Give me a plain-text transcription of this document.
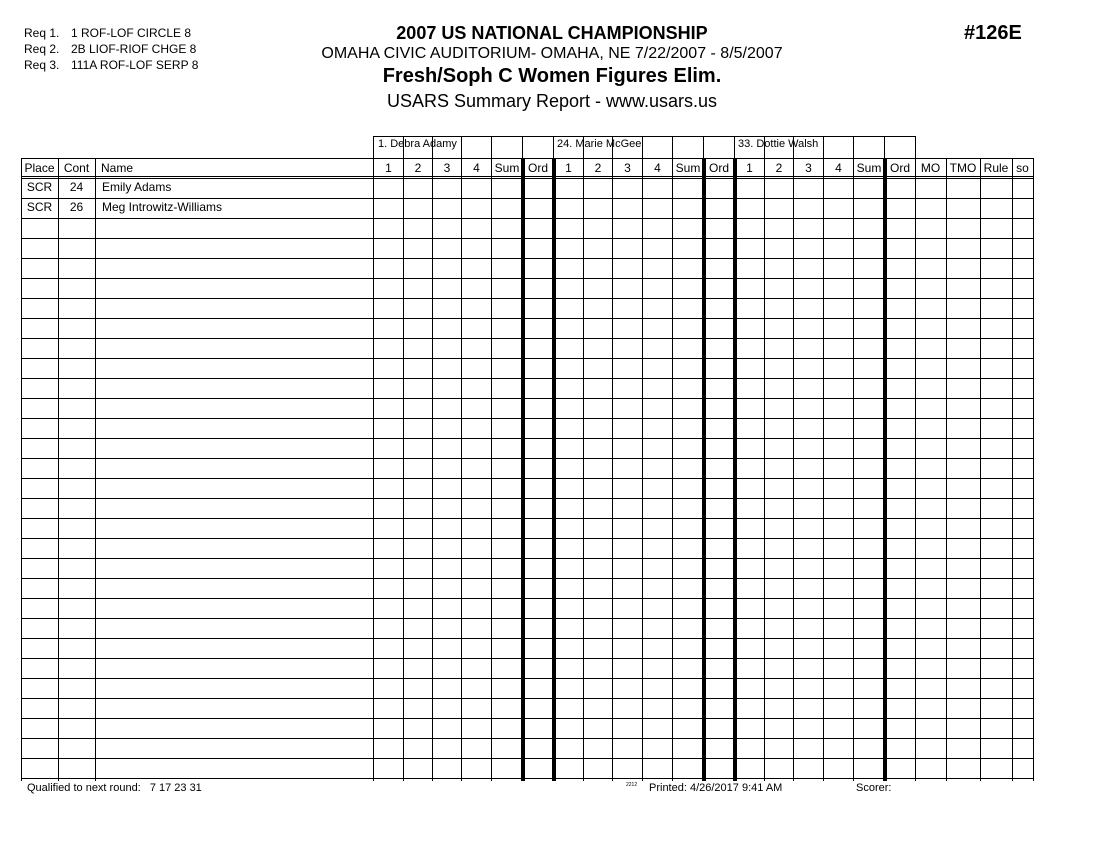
Req 1. 1 ROF-LOF CIRCLE 8
Req 2. 2B LIOF-RIOF CHGE 8
Req 3. 111A ROF-LOF SERP 8
2007 US NATIONAL CHAMPIONSHIP
OMAHA CIVIC AUDITORIUM- OMAHA, NE 7/22/2007 - 8/5/2007
Fresh/Soph C Women Figures Elim.
USARS Summary Report - www.usars.us
#126E
1. Debra Adamy	24. Marie McGee	33. Dottie Walsh
Place Cont Name	1	2	3	4	Sum Ord	1	2	3	4	Sum Ord	1	2	3	4	Sum Ord MO TMO Rule so
SCR	24	Emily Adams
SCR	26	Meg Introwitz-Williams
Qualified to next round: 7 17 23 31	2212 Printed: 4/26/2017 9:41 AM	Scorer:
